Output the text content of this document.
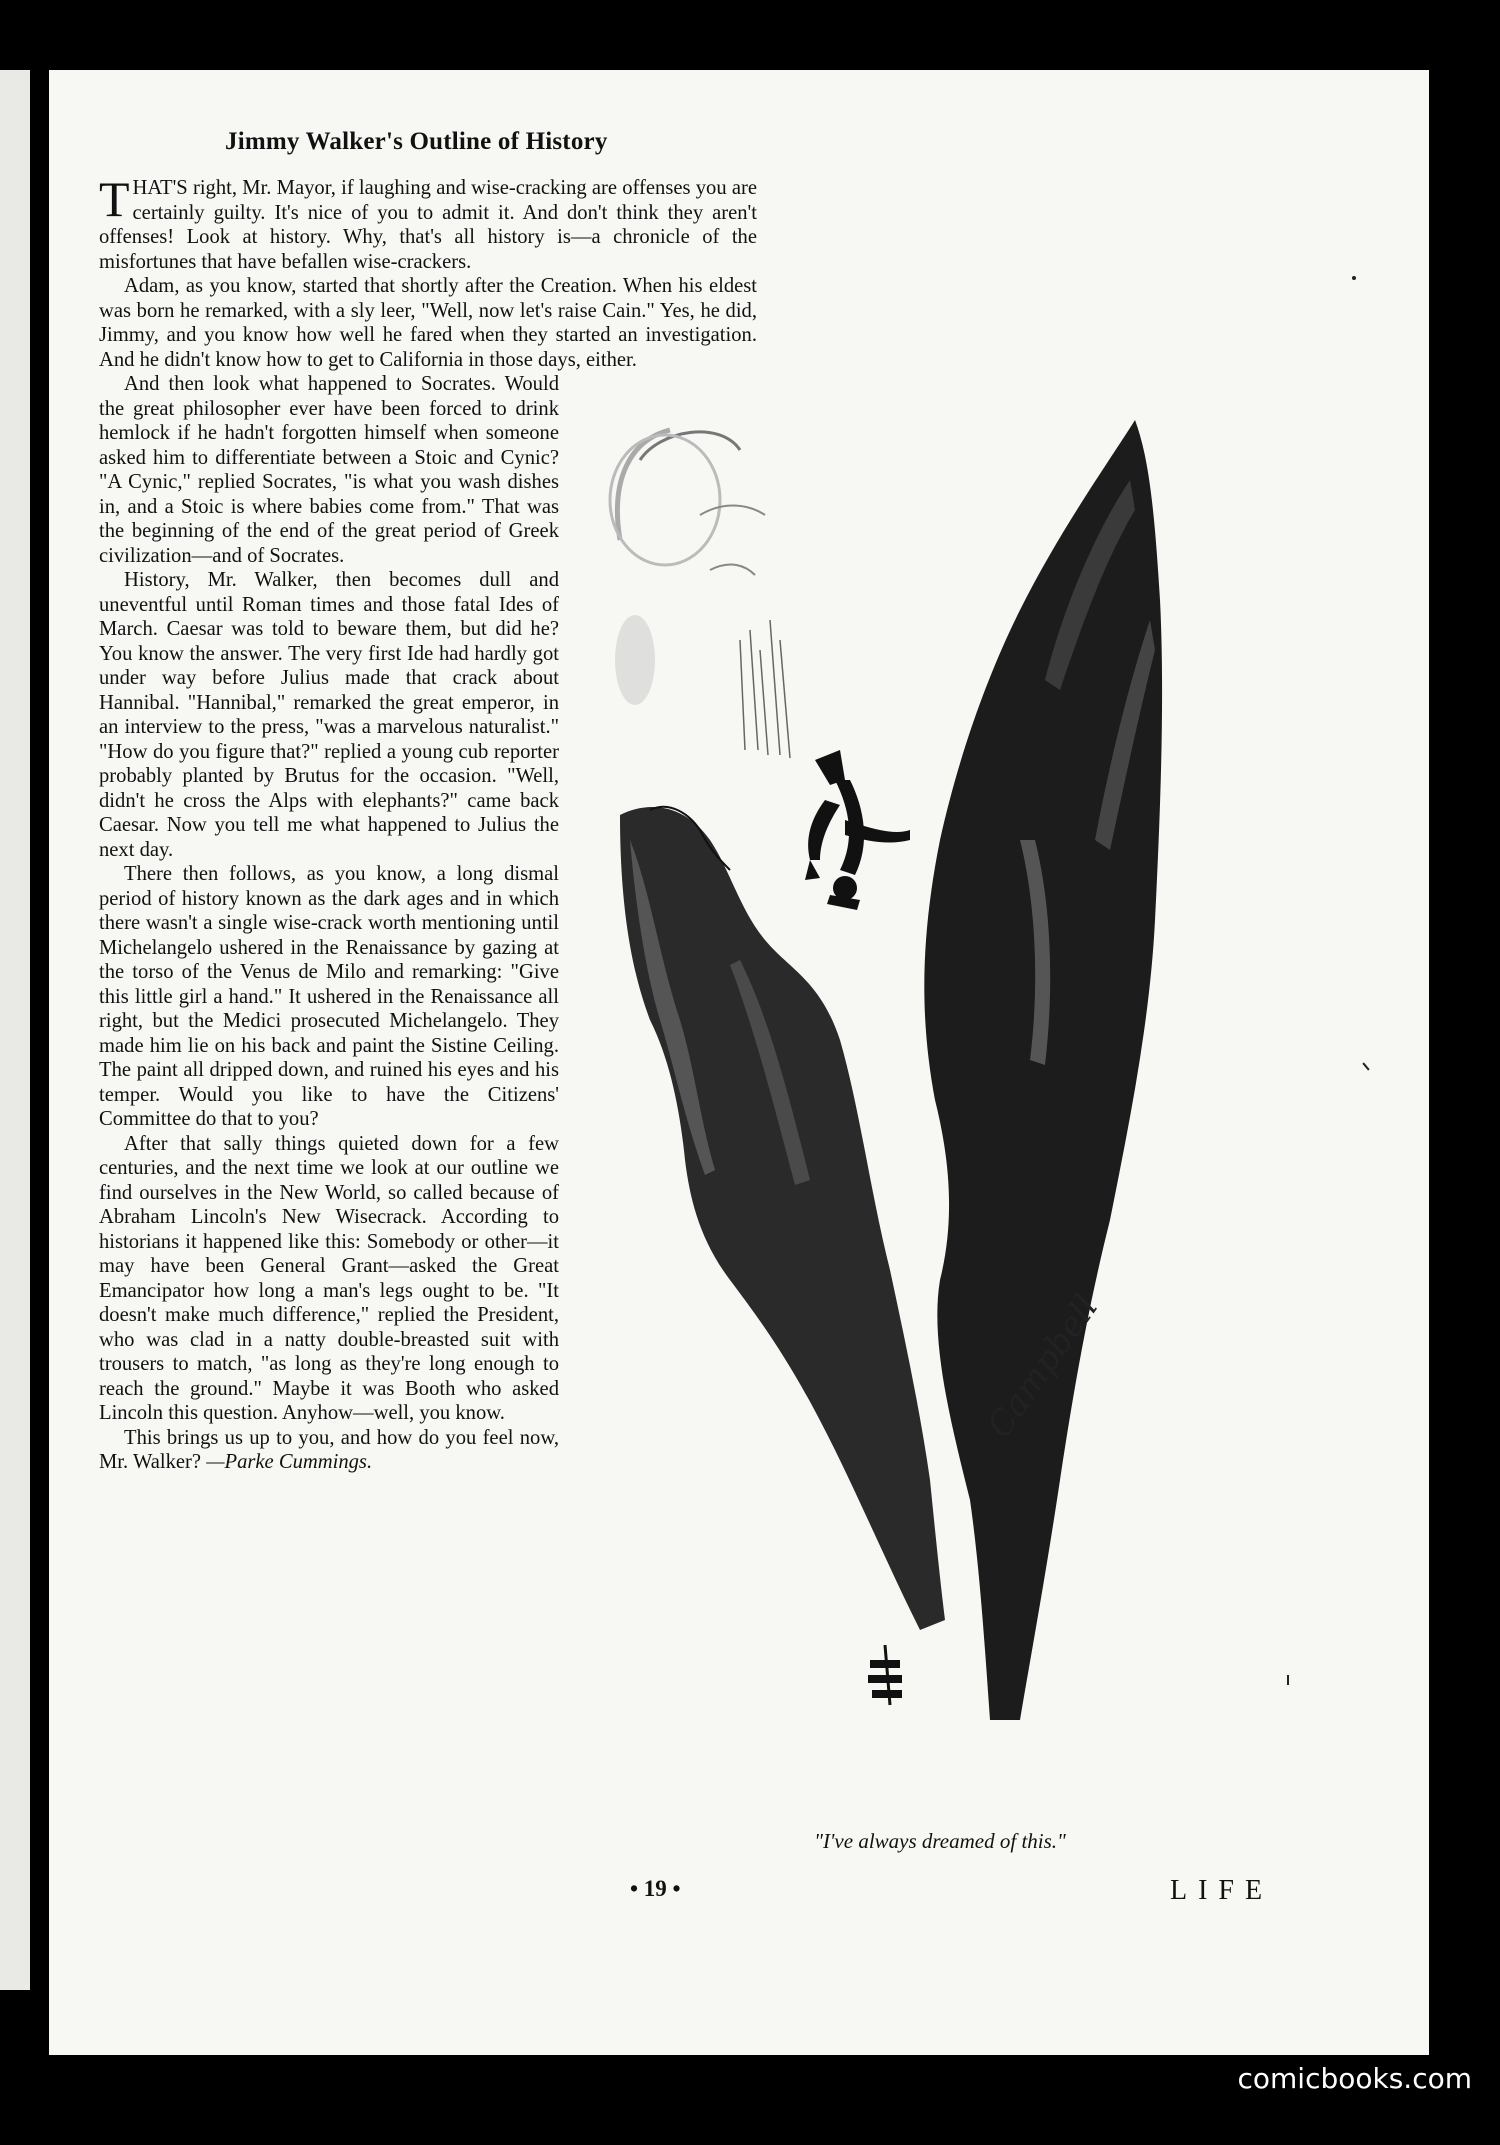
Jimmy Walker's Outline of History

THAT'S right, Mr. Mayor, if laughing and wise-cracking are offenses you are certainly guilty. It's nice of you to admit it. And don't think they aren't offenses! Look at history. Why, that's all history is—a chronicle of the misfortunes that have befallen wise-crackers.

Adam, as you know, started that shortly after the Creation. When his eldest was born he remarked, with a sly leer, "Well, now let's raise Cain." Yes, he did, Jimmy, and you know how well he fared when they started an investigation. And he didn't know how to get to California in those days, either.

And then look what happened to Socrates. Would the great philosopher ever have been forced to drink hemlock if he hadn't forgotten himself when someone asked him to differentiate between a Stoic and Cynic? "A Cynic," replied Socrates, "is what you wash dishes in, and a Stoic is where babies come from." That was the beginning of the end of the great period of Greek civilization—and of Socrates.

History, Mr. Walker, then becomes dull and uneventful until Roman times and those fatal Ides of March. Caesar was told to beware them, but did he? You know the answer. The very first Ide had hardly got under way before Julius made that crack about Hannibal. "Hannibal," remarked the great emperor, in an interview to the press, "was a marvelous naturalist." "How do you figure that?" replied a young cub reporter probably planted by Brutus for the occasion. "Well, didn't he cross the Alps with elephants?" came back Caesar. Now you tell me what happened to Julius the next day.

There then follows, as you know, a long dismal period of history known as the dark ages and in which there wasn't a single wise-crack worth mentioning until Michelangelo ushered in the Renaissance by gazing at the torso of the Venus de Milo and remarking: "Give this little girl a hand." It ushered in the Renaissance all right, but the Medici prosecuted Michelangelo. They made him lie on his back and paint the Sistine Ceiling. The paint all dripped down, and ruined his eyes and his temper. Would you like to have the Citizens' Committee do that to you?

After that sally things quieted down for a few centuries, and the next time we look at our outline we find ourselves in the New World, so called because of Abraham Lincoln's New Wisecrack. According to historians it happened like this: Somebody or other—it may have been General Grant—asked the Great Emancipator how long a man's legs ought to be. "It doesn't make much difference," replied the President, who was clad in a natty double-breasted suit with trousers to match, "as long as they're long enough to reach the ground." Maybe it was Booth who asked Lincoln this question. Anyhow—well, you know.

This brings us up to you, and how do you feel now, Mr. Walker? —Parke Cummings.

Campbell

"I've always dreamed of this."

• 19 •	LIFE
comicbooks.com
